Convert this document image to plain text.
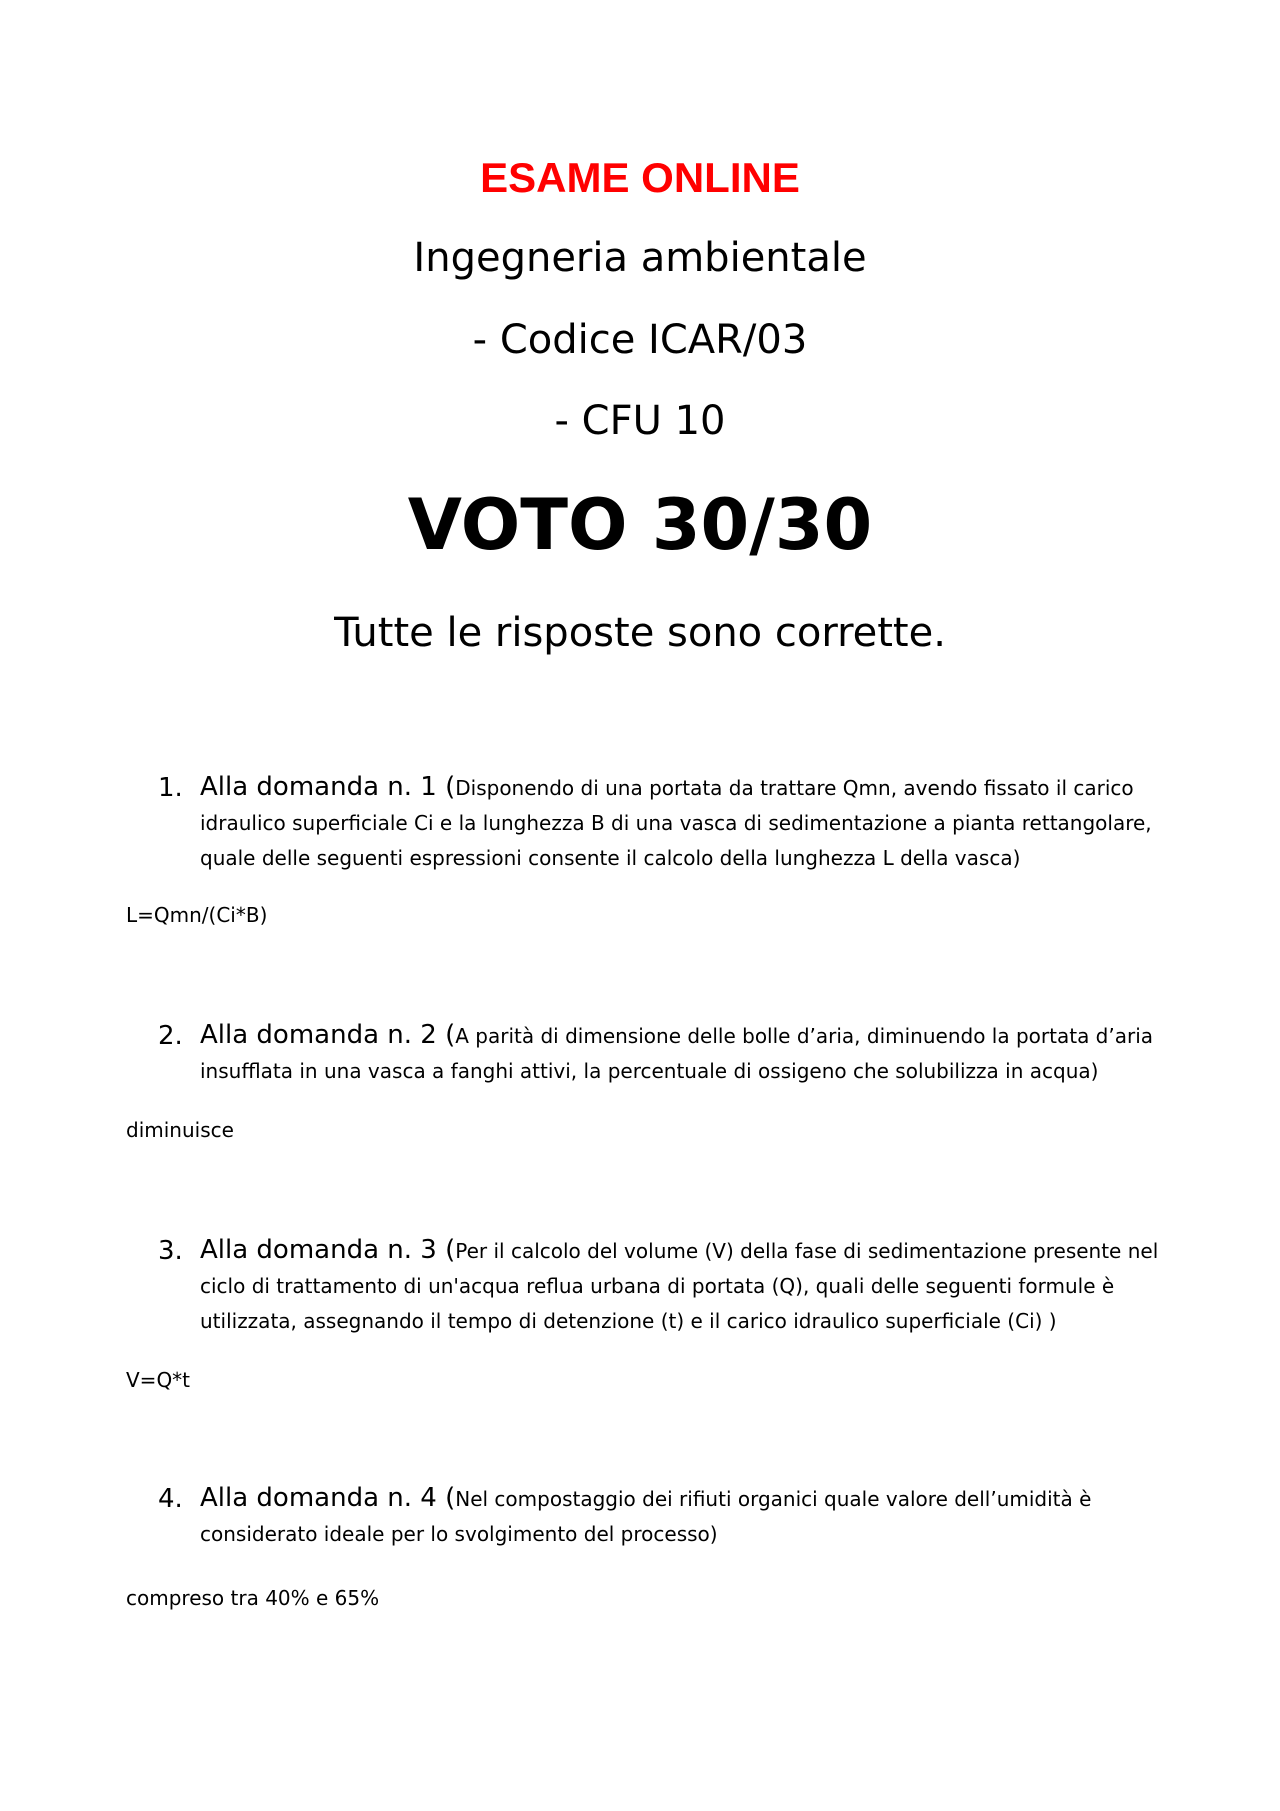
ESAME ONLINE
Ingegneria ambientale
- Codice ICAR/03
- CFU 10
VOTO 30/30
Tutte le risposte sono corrette.
1. Alla domanda n. 1 (Disponendo di una portata da trattare Qmn, avendo fissato il carico idraulico superficiale Ci e la lunghezza B di una vasca di sedimentazione a pianta rettangolare, quale delle seguenti espressioni consente il calcolo della lunghezza L della vasca)
L=Qmn/(Ci*B)
2. Alla domanda n. 2 (A parità di dimensione delle bolle d’aria, diminuendo la portata d’aria insufflata in una vasca a fanghi attivi, la percentuale di ossigeno che solubilizza in acqua)
diminuisce
3. Alla domanda n. 3 (Per il calcolo del volume (V) della fase di sedimentazione presente nel ciclo di trattamento di un'acqua reflua urbana di portata (Q), quali delle seguenti formule è utilizzata, assegnando il tempo di detenzione (t) e il carico idraulico superficiale (Ci) )
V=Q*t
4. Alla domanda n. 4 (Nel compostaggio dei rifiuti organici quale valore dell’umidità è considerato ideale per lo svolgimento del processo)
compreso tra 40% e 65%
